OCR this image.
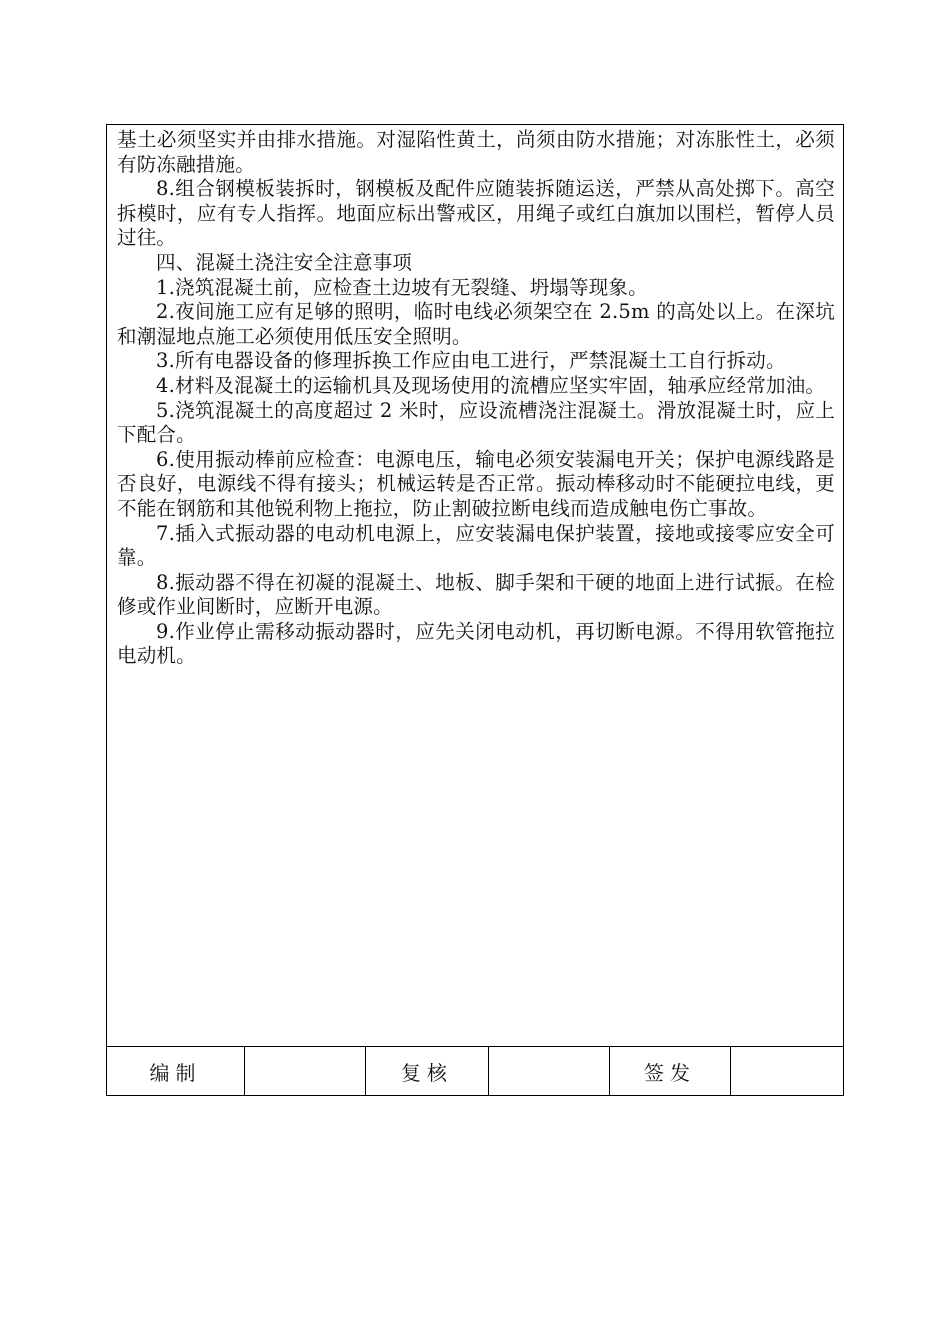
基土必须坚实并由排水措施。对湿陷性黄土，尚须由防水措施；对冻胀性土，必须有防冻融措施。

8.组合钢模板装拆时，钢模板及配件应随装拆随运送，严禁从高处掷下。高空拆模时，应有专人指挥。地面应标出警戒区，用绳子或红白旗加以围栏，暂停人员过往。

四、混凝土浇注安全注意事项

1.浇筑混凝土前，应检查土边坡有无裂缝、坍塌等现象。

2.夜间施工应有足够的照明，临时电线必须架空在 2.5m 的高处以上。在深坑和潮湿地点施工必须使用低压安全照明。

3.所有电器设备的修理拆换工作应由电工进行，严禁混凝土工自行拆动。

4.材料及混凝土的运输机具及现场使用的流槽应坚实牢固，轴承应经常加油。

5.浇筑混凝土的高度超过 2 米时，应设流槽浇注混凝土。滑放混凝土时，应上下配合。

6.使用振动棒前应检查：电源电压，输电必须安装漏电开关；保护电源线路是否良好，电源线不得有接头；机械运转是否正常。振动棒移动时不能硬拉电线，更不能在钢筋和其他锐利物上拖拉，防止割破拉断电线而造成触电伤亡事故。

7.插入式振动器的电动机电源上，应安装漏电保护装置，接地或接零应安全可靠。

8.振动器不得在初凝的混凝土、地板、脚手架和干硬的地面上进行试振。在检修或作业间断时，应断开电源。

9.作业停止需移动振动器时，应先关闭电动机，再切断电源。不得用软管拖拉电动机。

编制	复核	签发
